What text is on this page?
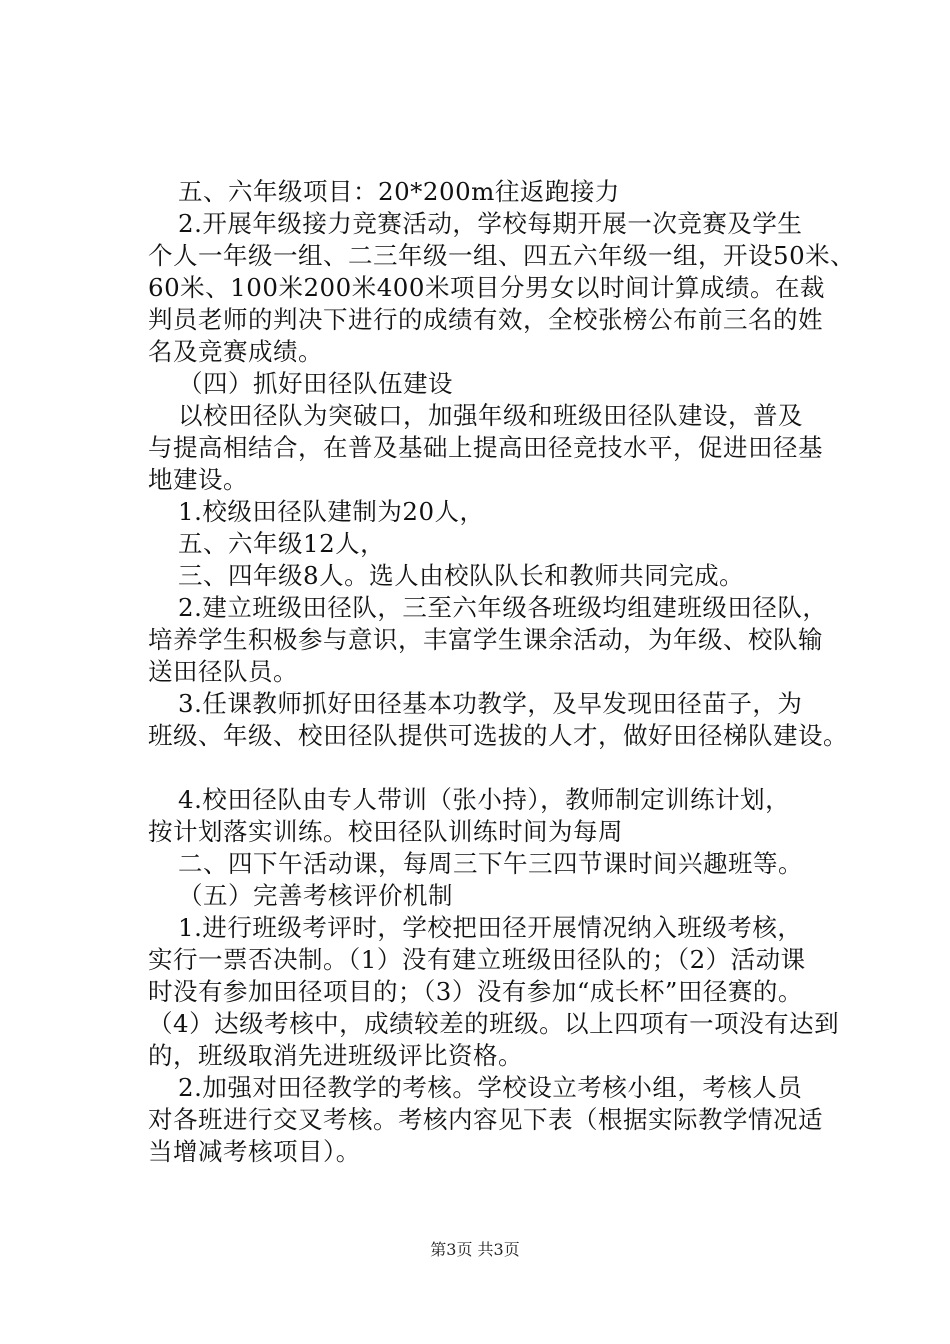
五、六年级项目：20*200m往返跑接力
2.开展年级接力竞赛活动，学校每期开展一次竞赛及学生
个人一年级一组、二三年级一组、四五六年级一组，开设50米、
60米、100米200米400米项目分男女以时间计算成绩。在裁
判员老师的判决下进行的成绩有效，全校张榜公布前三名的姓
名及竞赛成绩。
（四）抓好田径队伍建设
以校田径队为突破口，加强年级和班级田径队建设，普及
与提高相结合，在普及基础上提高田径竞技水平，促进田径基
地建设。
1.校级田径队建制为20人，
五、六年级12人，
三、四年级8人。选人由校队队长和教师共同完成。
2.建立班级田径队，三至六年级各班级均组建班级田径队，
培养学生积极参与意识，丰富学生课余活动，为年级、校队输
送田径队员。
3.任课教师抓好田径基本功教学，及早发现田径苗子，为
班级、年级、校田径队提供可选拔的人才，做好田径梯队建设。
4.校田径队由专人带训（张小持），教师制定训练计划，
按计划落实训练。校田径队训练时间为每周
二、四下午活动课，每周三下午三四节课时间兴趣班等。
（五）完善考核评价机制
1.进行班级考评时，学校把田径开展情况纳入班级考核，
实行一票否决制。（1）没有建立班级田径队的；（2）活动课
时没有参加田径项目的；（3）没有参加“成长杯”田径赛的。
（4）达级考核中，成绩较差的班级。以上四项有一项没有达到
的，班级取消先进班级评比资格。
2.加强对田径教学的考核。学校设立考核小组，考核人员
对各班进行交叉考核。考核内容见下表（根据实际教学情况适
当增减考核项目）。
第3页 共3页
